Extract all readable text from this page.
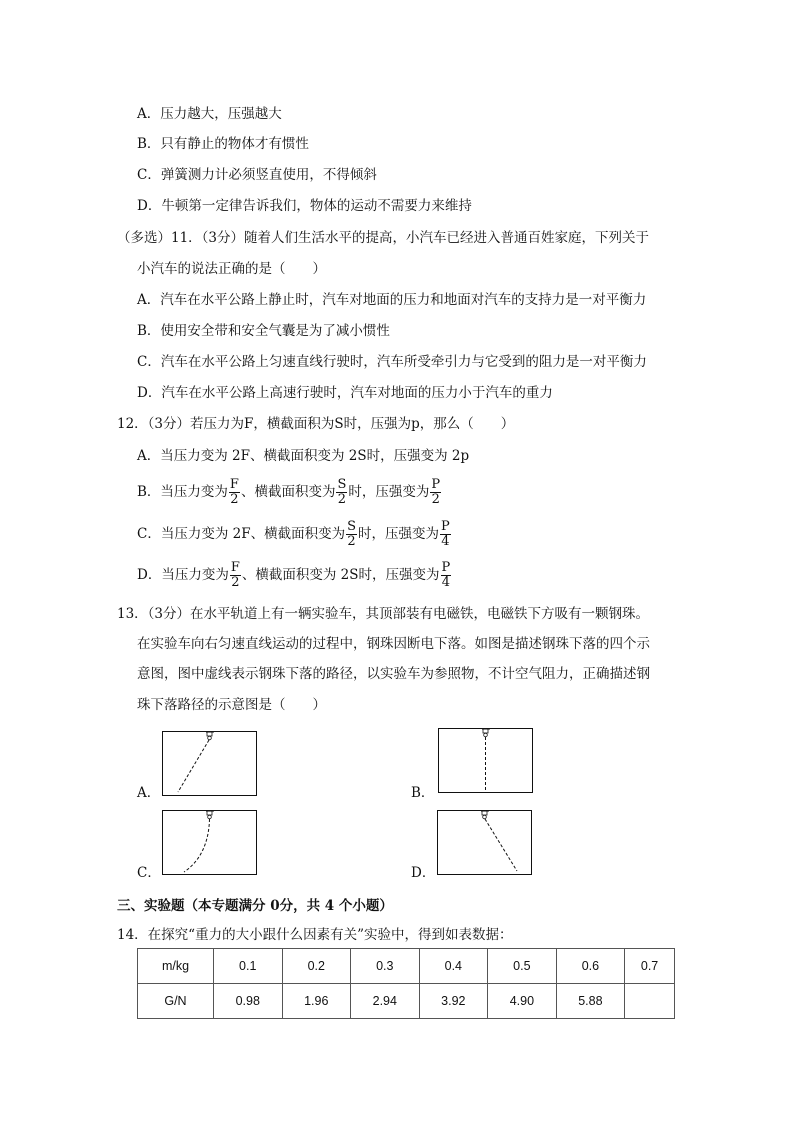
A．压力越大，压强越大
B．只有静止的物体才有惯性
C．弹簧测力计必须竖直使用，不得倾斜
D．牛顿第一定律告诉我们，物体的运动不需要力来维持
（多选）11．（3分）随着人们生活水平的提高，小汽车已经进入普通百姓家庭，下列关于
小汽车的说法正确的是（　　）
A．汽车在水平公路上静止时，汽车对地面的压力和地面对汽车的支持力是一对平衡力
B．使用安全带和安全气囊是为了减小惯性
C．汽车在水平公路上匀速直线行驶时，汽车所受牵引力与它受到的阻力是一对平衡力
D．汽车在水平公路上高速行驶时，汽车对地面的压力小于汽车的重力
12．（3分）若压力为F，横截面积为S时，压强为p，那么（　　）
A．当压力变为 2F、横截面积变为 2S时，压强变为 2p
B．当压力变为 $\frac{F}{2}$ 、横截面积变为 $\frac{S}{2}$ 时，压强变为 $\frac{P}{2}$
C．当压力变为 2F、横截面积变为 $\frac{S}{2}$ 时，压强变为 $\frac{P}{4}$
D．当压力变为 $\frac{F}{2}$ 、横截面积变为 2S时，压强变为 $\frac{P}{4}$
13．（3分）在水平轨道上有一辆实验车，其顶部装有电磁铁，电磁铁下方吸有一颗钢珠。
在实验车向右匀速直线运动的过程中，钢珠因断电下落。如图是描述钢珠下落的四个示
意图，图中虚线表示钢珠下落的路径，以实验车为参照物，不计空气阻力，正确描述钢
珠下落路径的示意图是（　　）
A．	B．
C．	D．
三、实验题（本专题满分 0分，共 4 个小题）
14．在探究“重力的大小跟什么因素有关”实验中，得到如表数据：
m/kg	0.1	0.2	0.3	0.4	0.5	0.6	0.7
G/N	0.98	1.96	2.94	3.92	4.90	5.88	
